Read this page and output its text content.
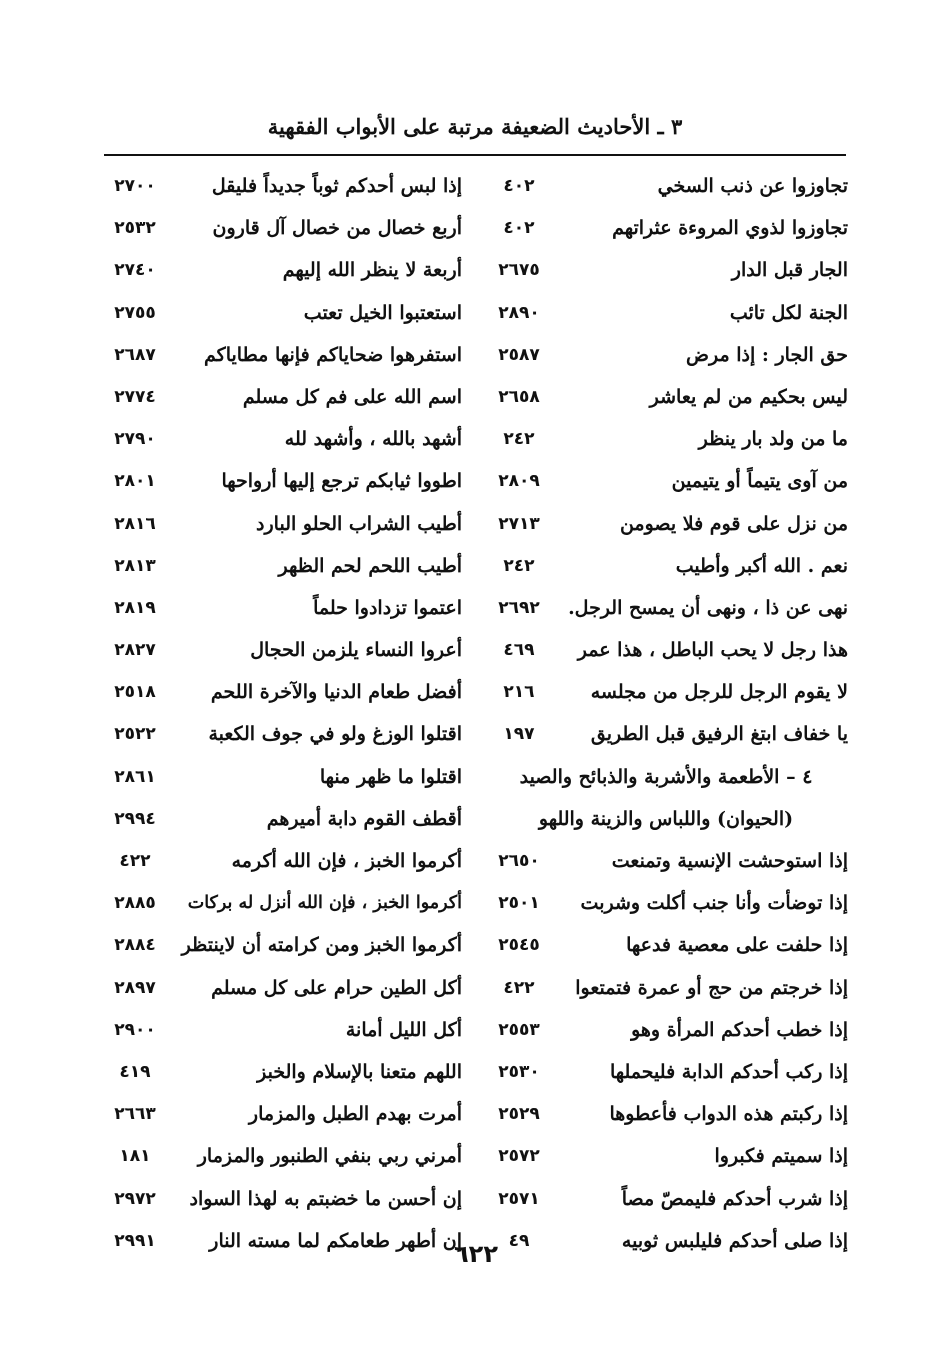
٣ ـ الأحاديث الضعيفة مرتبة على الأبواب الفقهية
تجاوزوا عن ذنب السخي
٤٠٢
تجاوزوا لذوي المروءة عثراتهم
٤٠٢
الجار قبل الدار
٢٦٧٥
الجنة لكل تائب
٢٨٩٠
حق الجار : إذا مرض
٢٥٨٧
ليس بحكيم من لم يعاشر
٢٦٥٨
ما من ولد بار ينظر
٢٤٢
من آوى يتيماً أو يتيمين
٢٨٠٩
من نزل على قوم فلا يصومن
٢٧١٣
نعم . الله أكبر وأطيب
٢٤٢
نهى عن ذا ، ونهى أن يمسح الرجل.
٢٦٩٢
هذا رجل لا يحب الباطل ، هذا عمر
٤٦٩
لا يقوم الرجل للرجل من مجلسه
٢١٦
يا خفاف ابتغ الرفيق قبل الطريق
١٩٧
٤ – الأطعمة والأشربة والذبائح والصيد
(الحيوان) واللباس والزينة واللهو
إذا استوحشت الإنسية وتمنعت
٢٦٥٠
إذا توضأت وأنا جنب أكلت وشربت
٢٥٠١
إذا حلفت على معصية فدعها
٢٥٤٥
إذا خرجتم من حج أو عمرة فتمتعوا
٤٢٢
إذا خطب أحدكم المرأة وهو
٢٥٥٣
إذا ركب أحدكم الدابة فليحملها
٢٥٣٠
إذا ركبتم هذه الدواب فأعطوها
٢٥٢٩
إذا سميتم فكبروا
٢٥٧٢
إذا شرب أحدكم فليمصّ مصاً
٢٥٧١
إذا صلى أحدكم فليلبس ثوبيه
٤٩
إذا لبس أحدكم ثوباً جديداً فليقل
٢٧٠٠
أربع خصال من خصال آل قارون
٢٥٣٢
أربعة لا ينظر الله إليهم
٢٧٤٠
استعتبوا الخيل تعتب
٢٧٥٥
استفرهوا ضحاياكم فإنها مطاياكم
٢٦٨٧
اسم الله على فم كل مسلم
٢٧٧٤
أشهد بالله ، وأشهد لله
٢٧٩٠
اطووا ثيابكم ترجع إليها أرواحها
٢٨٠١
أطيب الشراب الحلو البارد
٢٨١٦
أطيب اللحم لحم الظهر
٢٨١٣
اعتموا تزدادوا حلماً
٢٨١٩
أعروا النساء يلزمن الحجال
٢٨٢٧
أفضل طعام الدنيا والآخرة اللحم
٢٥١٨
اقتلوا الوزغ ولو في جوف الكعبة
٢٥٢٢
اقتلوا ما ظهر منها
٢٨٦١
أقطف القوم دابة أميرهم
٢٩٩٤
أكرموا الخبز ، فإن الله أكرمه
٤٢٢
أكرموا الخبز ، فإن الله أنزل له بركات
٢٨٨٥
أكرموا الخبز ومن كرامته أن لاينتظر
٢٨٨٤
أكل الطين حرام على كل مسلم
٢٨٩٧
أكل الليل أمانة
٢٩٠٠
اللهم متعنا بالإسلام والخبز
٤١٩
أمرت بهدم الطبل والمزمار
٢٦٦٣
أمرني ربي بنفي الطنبور والمزمار
١٨١
إن أحسن ما خضبتم به لهذا السواد
٢٩٧٢
إن أطهر طعامكم لما مسته النار
٢٩٩١	٦٢٢
